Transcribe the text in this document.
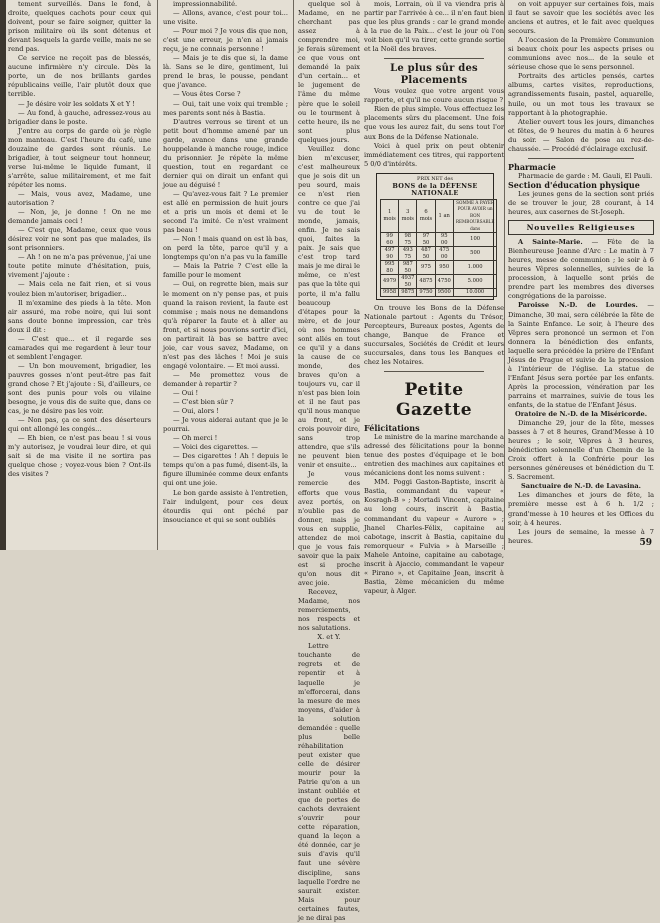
tement surveillés. Dans le fond, à droite, quelques cachots pour ceux qui doivent, pour se faire soigner, quitter la prison militaire où ils sont détenus et devant lesquels la garde veille, mais ne se rend pas.

Ce service ne reçoit pas de blessés, aucune infirmière n'y circule. Dès la porte, un de nos brillants gardes républicains veille, l'air plutôt doux que terrible.

— Je désire voir les soldats X et Y !

— Au fond, à gauche, adressez-vous au brigadier dans le poste.

J'entre au corps de garde où je règle mon manteau. C'est l'heure du café, une douzaine de gardes sont réunis. Le brigadier, à tout seigneur tout honneur, verse lui-même le liquide fumant, il s'arrête, salue militairement, et me fait répéter les noms.

— Mais, vous avez, Madame, une autorisation ?

— Non, je, je donne ! On ne me demande jamais ceci !

— C'est que, Madame, ceux que vous désirez voir ne sont pas que malades, ils sont prisonniers.

— Ah ! on ne m'a pas prévenue, j'ai une toute petite minute d'hésitation, puis, vivement j'ajoute :

— Mais cela ne fait rien, et si vous voulez bien m'autoriser, brigadier...

Il m'examine des pieds à la tête. Mon air assuré, ma robe noire, qui lui sont sans doute bonne impression, car très doux il dit :

— C'est que... et il regarde ses camarades qui me regardent à leur tour et semblent l'engager.

— Un bon mouvement, brigadier, les pauvres gosses n'ont peut-être pas fait grand chose ? Et j'ajoute : Si, d'ailleurs, ce sont des punis pour vols ou vilaine besogne, je vous dis de suite que, dans ce cas, je ne désire pas les voir.

— Non pas, ça ce sont des déserteurs qui ont allongé les congés...

— Eh bien, ce n'est pas beau ! si vous m'y autorisez, je voudrai leur dire, et qui sait si de ma visite il ne sortira pas quelque chose ; voyez-vous bien ? Ont-ils des visites ?

impressionnabilité.

— Allons, avance, c'est pour toi... une visite.

— Pour moi ? Je vous dis que non, c'est une erreur, je n'en ai jamais reçu, je ne connais personne !

— Mais je te dis que si, la dame là. Sans se le dire, gentiment, lui prend le bras, le pousse, pendant que j'avance.

— Vous êtes Corse ?

— Oui, tait une voix qui tremble ; mes parents sont nés à Bastia.

D'autres verrous se tirent et un petit bout d'homme amené par un garde, avance dans une grande houppelande à manche rouge, indice du prisonnier. Je répète la même question, tout en regardant ce dernier qui on dirait un enfant qui joue au déguisé !

— Qu'avez-vous fait ? Le premier est allé en permission de huit jours et a pris un mois et demi et le second l'a imité. Ce n'est vraiment pas beau !

— Non ! mais quand on est là bas, on perd la tête, parce qu'il y a longtemps qu'on n'a pas vu la famille

— Mais la Patrie ? C'est elle la famille pour le moment

— Oui, on regrette bien, mais sur le moment on n'y pense pas, et puis quand la raison revient, la faute est commise ; mais nous ne demandons qu'à réparer la faute et à aller au front, et si nous pouvions sortir d'ici, on partirait là bas se battre avec joie, car vous savez, Madame, on n'est pas des lâches ! Moi je suis engagé volontaire. — Et moi aussi.

— Me promettez vous de demander à repartir ?

— Oui !

— C'est bien sûr ?

— Oui, alors !

— Je vous aiderai autant que je le pourrai.

— Oh merci !

— Voici des cigarettes. —

— Des cigarettes ! Ah ! depuis le temps qu'on a pas fumé, disent-ils, la figure illuminée comme deux enfants qui ont une joie.

Le bon garde assiste à l'entretien, l'air indulgent, pour ces deux étourdis qui ont péché par insouciance et qui se sont oubliés

quelque sol à Madame, en ne cherchant pas assez à comprendre moi, je ferais sûrement ce que vous ont demandé la paix d'un certain... et le jugement de l'âme du même père que le soleil ou le tourment à cette heure, ils ne sont plus quelques jours.

Veuillez donc bien m'excuser, c'est malheureux que je sois dit un peu sourd, mais ce n'est rien contre ce que j'ai vu de tout le monde, jamais, enfin. Je ne sais quoi, faites la paix. Je sais que c'est trop tard mais je me dirai le même, ce n'est pas que la tête qui porte, il m'a fallu beaucoup d'étapes pour la mère, et de jour où nos hommes sont allés en tout ce qu'il y a dans la cause de ce monde, des braves qu'on a toujours vu, car il n'est pas bien loin et il ne faut pas qu'il nous manque au front, et je crois pouvoir dire, sans trop attendre, que s'ils ne peuvent bien venir et ensuite...

Je vous remercie des efforts que vous avez portés, on n'oublie pas de donner, mais je vous en supplie, attendez de moi que je vous fais savoir que la paix est si proche qu'on nous dit avec joie.

Recevez, Madame, nos remerciements, nos respects et nos salutations.

X. et Y.

Lettre touchante de regrets et de repentir et à laquelle je m'efforcerai, dans la mesure de mes moyens, d'aider à la solution demandée : quelle plus belle réhabilitation peut exister que celle de désirer mourir pour la Patrie qu'on a un instant oubliée et que de portes de cachots devraient s'ouvrir pour cette réparation, quand la leçon a été donnée, car je suis d'avis qu'il faut une sévère discipline, sans laquelle l'ordre ne saurait exister. Mais pour certaines fautes, je ne dirai pas

mois, Lorrain, où il va viendra pris à partir par l'arrivée à ce... il n'en faut bien que les plus grands : car le grand monde à la rue de la Paix... c'est le jour où l'on voit bien qu'il va tirer, cette grande sortie et la Noël des braves.

Le plus sûr des Placements

Vous voulez que votre argent vous rapporte, et qu'il ne coure aucun risque ?

Rien de plus simple. Vous effectuez les placements sûrs du placement. Une fois que vous les aurez fait, du sens tout l'or aux Bons de la Défense Nationale.

Voici à quel prix on peut obtenir immédiatement ces titres, qui rapportent 5 0/0 d'intérêts.

PRIX NET des
BONS de la DÉFENSE NATIONALE
1 mois	3 mois	6 mois	1 an	SOMME À PAYER POUR AVOIR un BON REMBOURSABLE dans
99 60	98 75	97 50	95 00	100
497 90	493 75	487 50	475 00	500
995 80	987 50	975	950	1.000
4979	4937 50	4875	4750	5.000
9958	9875	9750	9500	10.000

On trouve les Bons de la Défense Nationale partout : Agents du Trésor, Percepteurs, Bureaux postes, Agents de change, Banque de France et succursales, Sociétés de Crédit et leurs succursales, dans tous les Banques et chez les Notaires.

Petite Gazette

Félicitations

Le ministre de la marine marchande a adressé des félicitations pour la bonne tenue des postes d'équipage et le bon entretien des machines aux capitaines et mécaniciens dont les noms suivent :

MM. Poggi Gaston-Baptiste, inscrit à Bastia, commandant du vapeur « Kosragh-B » ; Mortadi Vincent, capitaine au long cours, inscrit à Bastia, commandant du vapeur « Aurore » ; Jhanel Charles-Félix, capitaine au cabotage, inscrit à Bastia, capitaine du remorqueur « Fulvia » à Marseille ; Mahele Antoine, capitaine au cabotage, inscrit à Ajaccio, commandant le vapeur « Pirano », et Capitaine Jean, inscrit à Bastia, 2ème mécanicien du même vapeur, à Alger.

on voit appuyer sur certaines fois, mais il faut se savoir que les sociétés avec les anciens et autres, et le fait avec quelques secours.

A l'occasion de la Première Communion si beaux choix pour les aspects prises ou communions avec nos... de la seule et sérieuse chose que le sens personnel.

Portraits des articles pensés, cartes albums, cartes visites, reproductions, agrandissements fusain, pastel, aquarelle, huile, ou un mot tous les travaux se rapportant à la photographie.

Atelier ouvert tous les jours, dimanches et fêtes, de 9 heures du matin à 6 heures du soir. — Salon de pose au rez-de-chaussée. — Procédé d'éclairage exclusif.

Pharmacie

Pharmacie de garde : M. Gauli, El Pauli.

Section d'éducation physique

Les jeunes gens de la section sont priés de se trouver le jour, 28 courant, à 14 heures, aux casernes de St-Joseph.

Nouvelles Religieuses

A Sainte-Marie. — Fête de la Bienheureuse Jeanne d'Arc : Le matin à 7 heures, messe de communion ; le soir à 6 heures Vêpres solennelles, suivies de la procession, à laquelle sont priés de prendre part les membres des diverses congrégations de la paroisse.

Paroisse N.-D. de Lourdes. — Dimanche, 30 mai, sera célébrée la fête de la Sainte Enfance. Le soir, à l'heure des Vêpres sera prononcé un sermon et l'on donnera la bénédiction des enfants, laquelle sera précédée la prière de l'Enfant Jésus de Prague et suivie de la procession à l'intérieur de l'église. La statue de l'Enfant Jésus sera portée par les enfants. Après la procession, vénération par les parrains et marraines, suivie de tous les enfants, de la statue de l'Enfant Jésus.

Oratoire de N.-D. de la Miséricorde.

Dimanche 29, jour de la fête, messes basses à 7 et 8 heures, Grand'Messe à 10 heures ; le soir, Vêpres à 3 heures, bénédiction solennelle d'un Chemin de la Croix offert à la Confrérie pour les personnes généreuses et bénédiction du T. S. Sacrement.

Sanctuaire de N.-D. de Lavasina.

Les dimanches et jours de fête, la première messe est à 6 h. 1/2 ; grand'messe à 10 heures et les Offices du soir, à 4 heures.

Les jours de semaine, la messe à 7 heures.	59
